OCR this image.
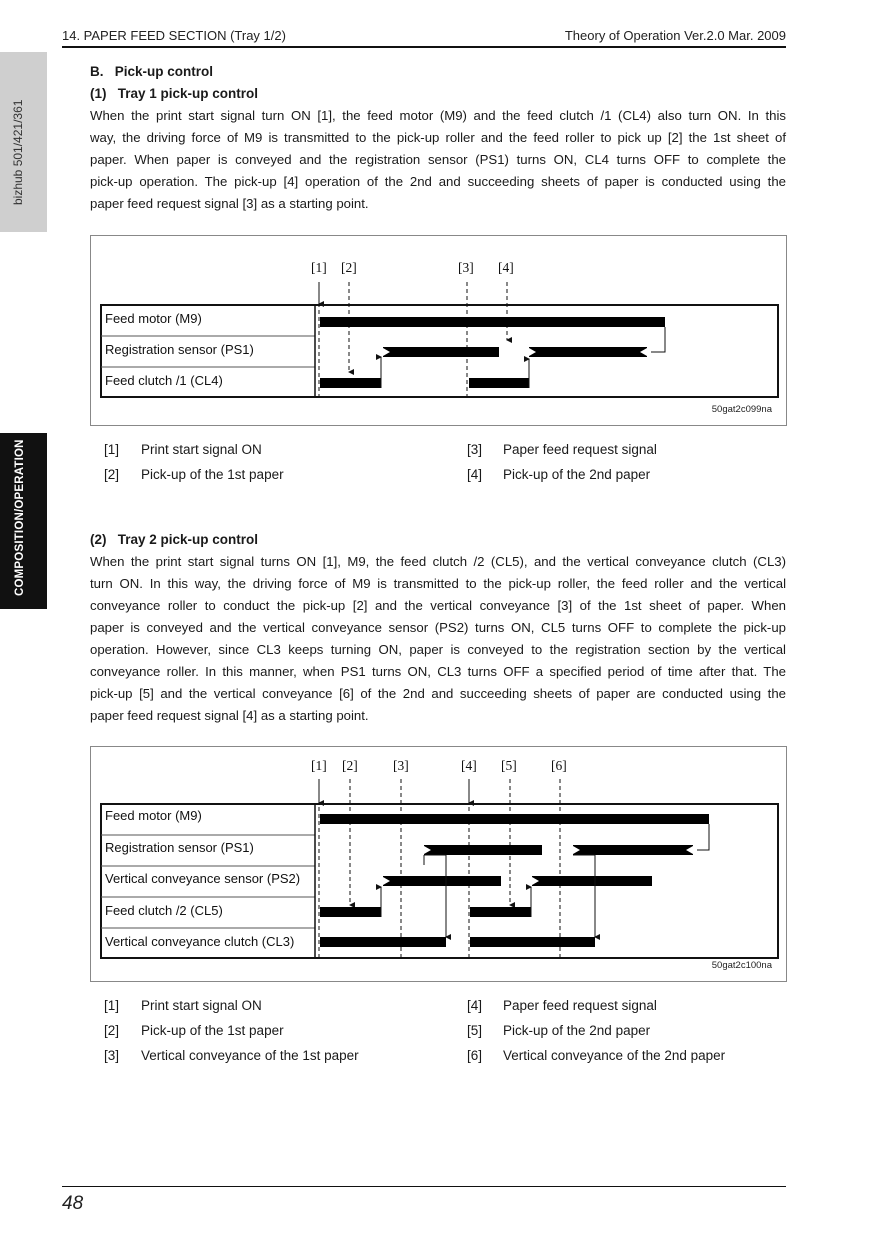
14. PAPER FEED SECTION (Tray 1/2)	Theory of Operation Ver.2.0 Mar. 2009
bizhub 501/421/361
COMPOSITION/OPERATION
B.   Pick-up control
(1)   Tray 1 pick-up control
When the print start signal turn ON [1], the feed motor (M9) and the feed clutch /1 (CL4) also turn ON. In this
way, the driving force of M9 is transmitted to the pick-up roller and the feed roller to pick up [2] the 1st sheet of
paper. When paper is conveyed and the registration sensor (PS1) turns ON, CL4 turns OFF to complete the
pick-up operation. The pick-up [4] operation of the 2nd and succeeding sheets of paper is conducted using the
paper feed request signal [3] as a starting point.
[1] [2]	[3] [4]
Feed motor (M9)
Registration sensor (PS1)
Feed clutch /1 (CL4)
50gat2c099na
[1] Print start signal ON
[2] Pick-up of the 1st paper
[3] Paper feed request signal
[4] Pick-up of the 2nd paper
(2)   Tray 2 pick-up control
When the print start signal turns ON [1], M9, the feed clutch /2 (CL5), and the vertical conveyance clutch (CL3)
turn ON. In this way, the driving force of M9 is transmitted to the pick-up roller, the feed roller and the vertical
conveyance roller to conduct the pick-up [2] and the vertical conveyance [3] of the 1st sheet of paper. When
paper is conveyed and the vertical conveyance sensor (PS2) turns ON, CL5 turns OFF to complete the pick-up
operation. However, since CL3 keeps turning ON, paper is conveyed to the registration section by the vertical
conveyance roller. In this manner, when PS1 turns ON, CL3 turns OFF a specified period of time after that. The
pick-up [5] and the vertical conveyance [6] of the 2nd and succeeding sheets of paper are conducted using the
paper feed request signal [4] as a starting point.
[1] [2]	[3]	[4] [5]	[6]
Feed motor (M9)
Registration sensor (PS1)
Vertical conveyance sensor (PS2)
Feed clutch /2 (CL5)
Vertical conveyance clutch (CL3)
50gat2c100na
[1] Print start signal ON
[2] Pick-up of the 1st paper
[3] Vertical conveyance of the 1st paper
[4] Paper feed request signal
[5] Pick-up of the 2nd paper
[6] Vertical conveyance of the 2nd paper
48
